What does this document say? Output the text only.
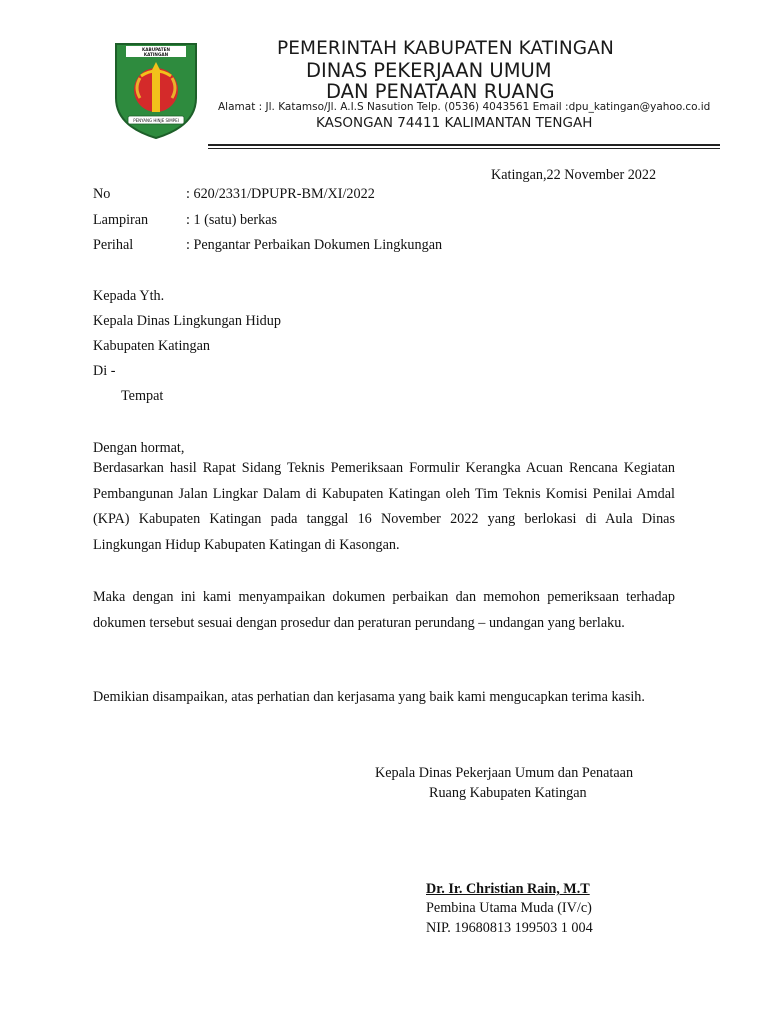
KABUPATEN
KATINGAN
PENYANG HINJE SIMPEI
PEMERINTAH KABUPATEN KATINGAN
DINAS PEKERJAAN UMUM
DAN PENATAAN RUANG
Alamat : Jl. Katamso/Jl. A.I.S Nasution Telp. (0536) 4043561 Email :dpu_katingan@yahoo.co.id
KASONGAN 74411 KALIMANTAN TENGAH
Katingan,22 November 2022
No	: 620/2331/DPUPR-BM/XI/2022
Lampiran	: 1 (satu) berkas
Perihal	: Pengantar Perbaikan Dokumen Lingkungan
Kepada Yth.
Kepala Dinas Lingkungan Hidup
Kabupaten Katingan
Di -
Tempat
Dengan hormat,
Berdasarkan hasil Rapat Sidang Teknis Pemeriksaan Formulir Kerangka Acuan Rencana Kegiatan Pembangunan Jalan Lingkar Dalam di Kabupaten Katingan oleh Tim Teknis Komisi Penilai Amdal (KPA) Kabupaten Katingan pada tanggal 16 November 2022 yang berlokasi di Aula Dinas Lingkungan Hidup Kabupaten Katingan di Kasongan.
Maka dengan ini kami menyampaikan dokumen perbaikan dan memohon pemeriksaan terhadap dokumen tersebut sesuai dengan prosedur dan peraturan perundang – undangan yang berlaku.
Demikian disampaikan, atas perhatian dan kerjasama yang baik kami mengucapkan terima kasih.
Kepala Dinas Pekerjaan Umum dan Penataan
Ruang Kabupaten Katingan
Dr. Ir. Christian Rain, M.T
Pembina Utama Muda (IV/c)
NIP. 19680813 199503 1 004
